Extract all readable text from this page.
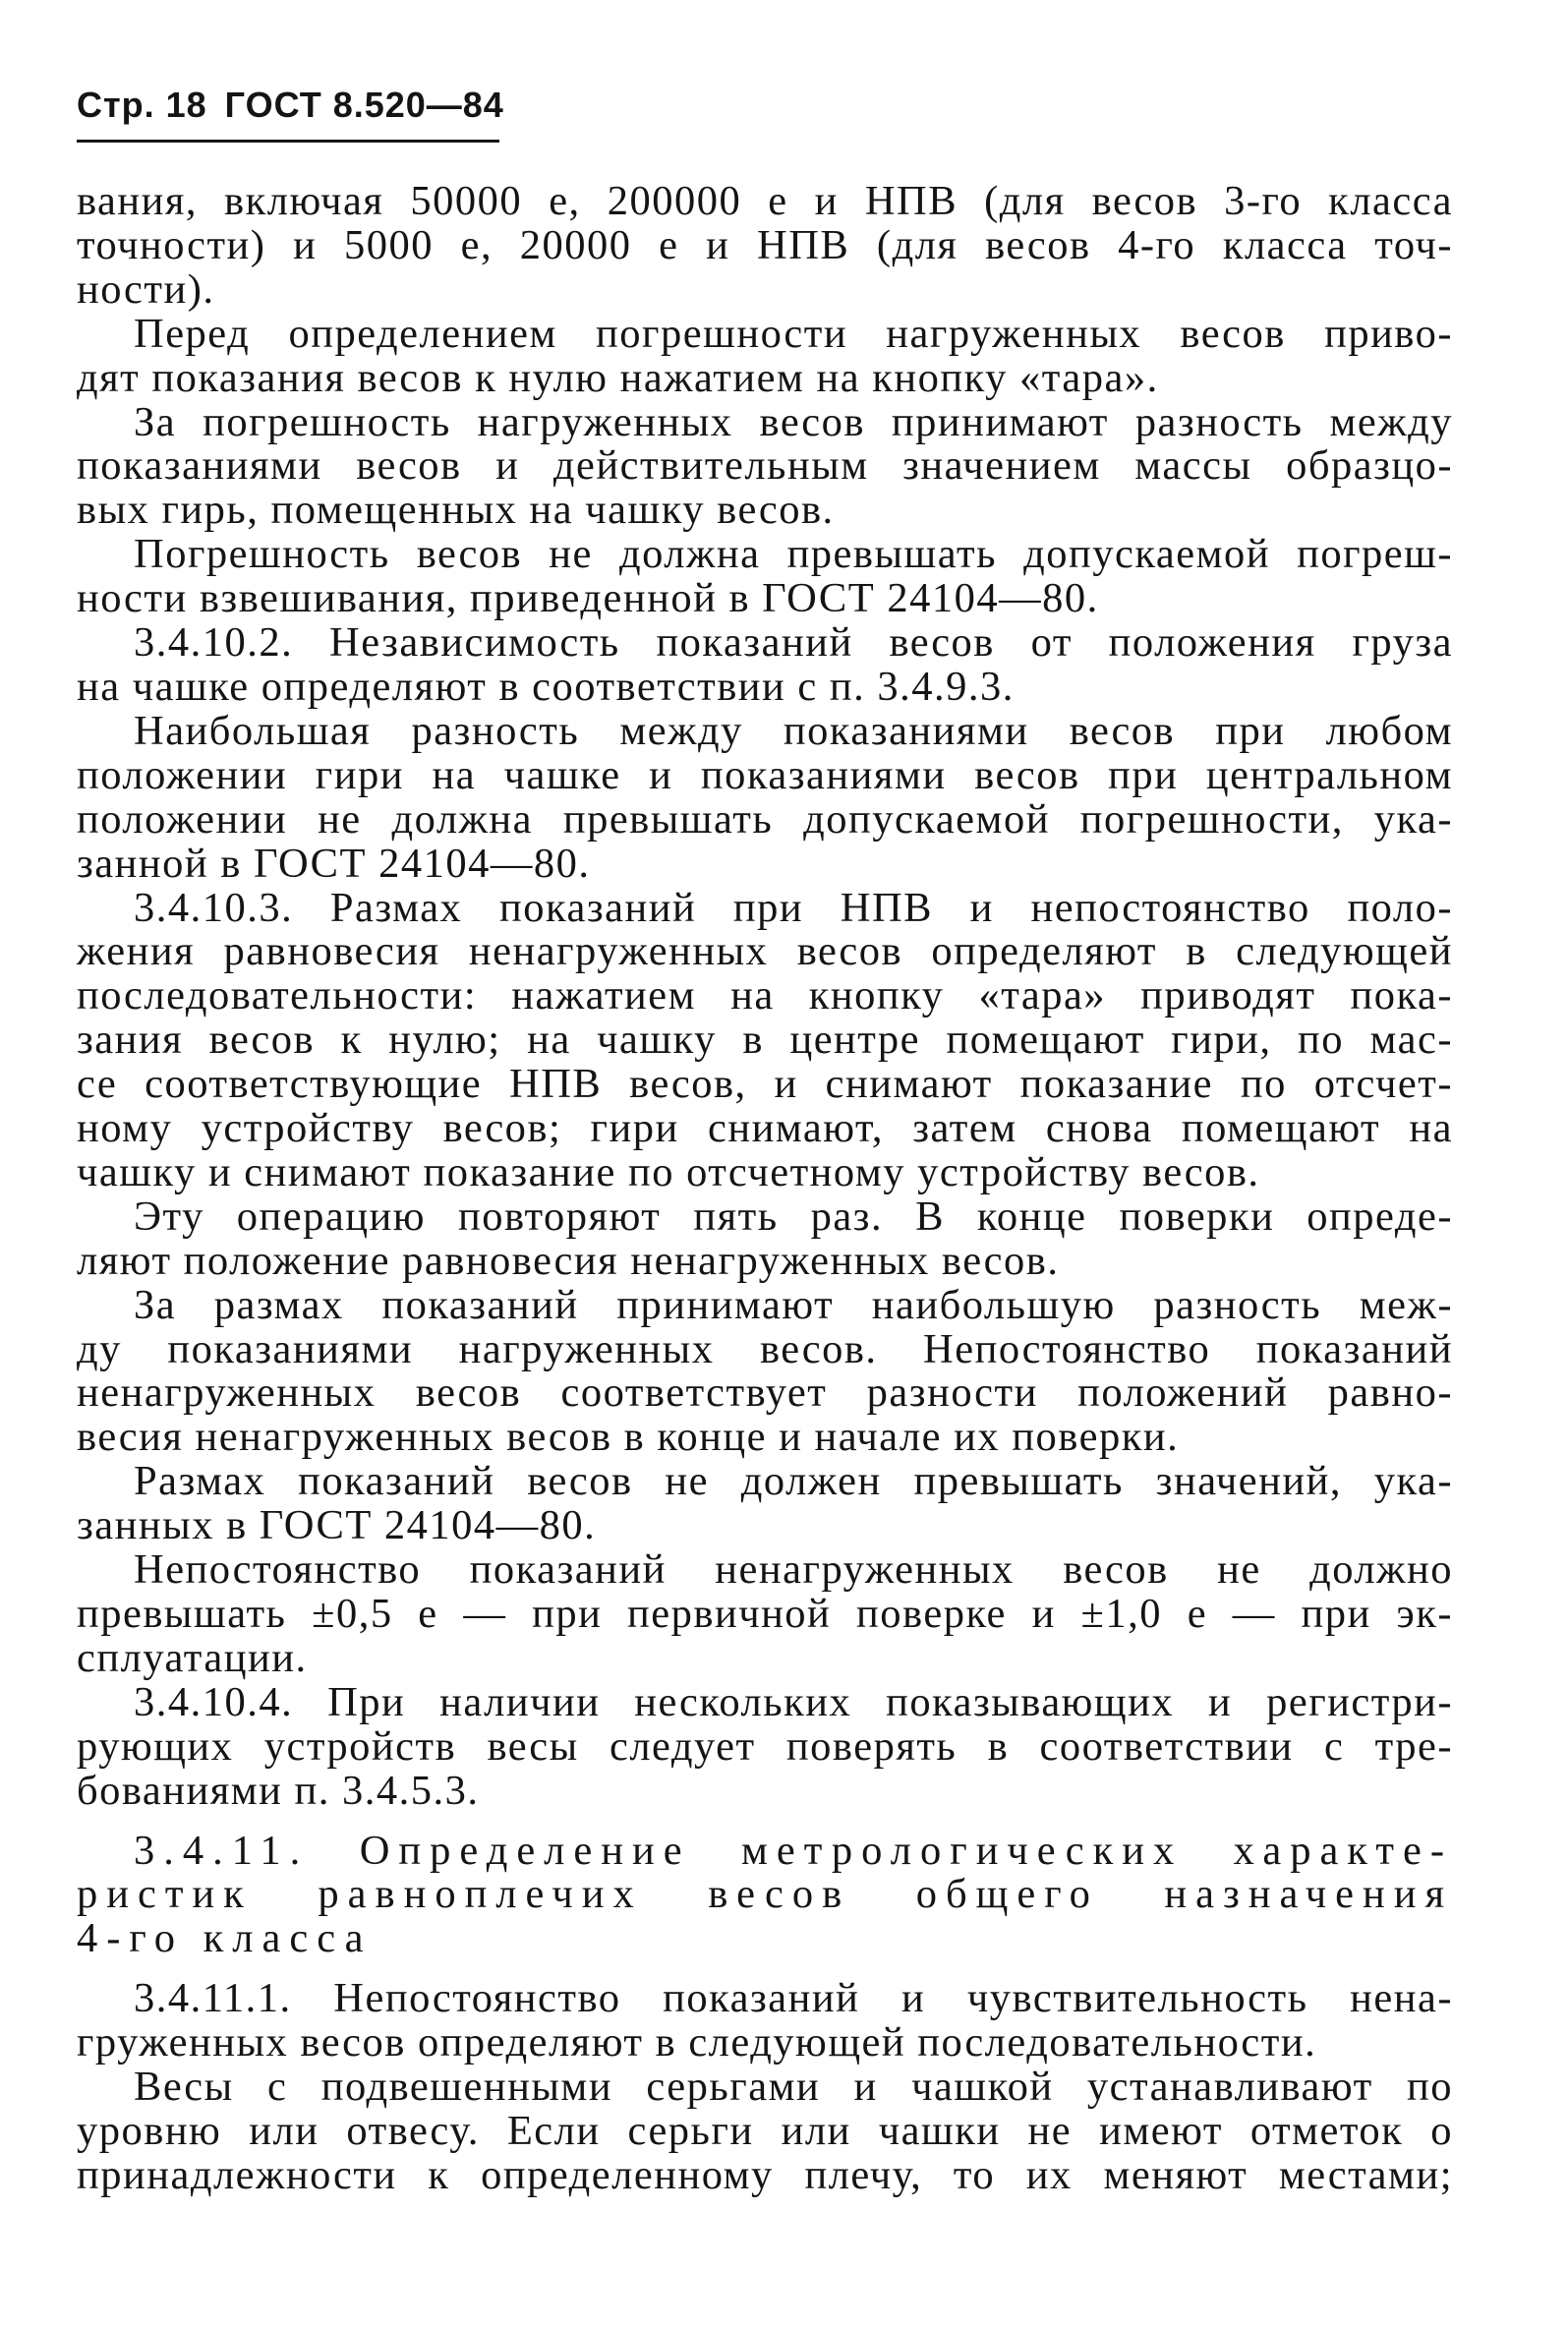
Стр. 18 ГОСТ 8.520—84
вания, включая 50000 е, 200000 е и НПВ (для весов 3-го класса
точности) и 5000 е, 20000 е и НПВ (для весов 4-го класса точ-
ности).
Перед определением погрешности нагруженных весов приво-
дят показания весов к нулю нажатием на кнопку «тара».
За погрешность нагруженных весов принимают разность между
показаниями весов и действительным значением массы образцо-
вых гирь, помещенных на чашку весов.
Погрешность весов не должна превышать допускаемой погреш-
ности взвешивания, приведенной в ГОСТ 24104—80.
3.4.10.2. Независимость показаний весов от положения груза
на чашке определяют в соответствии с п. 3.4.9.3.
Наибольшая разность между показаниями весов при любом
положении гири на чашке и показаниями весов при центральном
положении не должна превышать допускаемой погрешности, ука-
занной в ГОСТ 24104—80.
3.4.10.3. Размах показаний при НПВ и непостоянство поло-
жения равновесия ненагруженных весов определяют в следующей
последовательности: нажатием на кнопку «тара» приводят пока-
зания весов к нулю; на чашку в центре помещают гири, по мас-
се соответствующие НПВ весов, и снимают показание по отсчет-
ному устройству весов; гири снимают, затем снова помещают на
чашку и снимают показание по отсчетному устройству весов.
Эту операцию повторяют пять раз. В конце поверки опреде-
ляют положение равновесия ненагруженных весов.
За размах показаний принимают наибольшую разность меж-
ду показаниями нагруженных весов. Непостоянство показаний
ненагруженных весов соответствует разности положений равно-
весия ненагруженных весов в конце и начале их поверки.
Размах показаний весов не должен превышать значений, ука-
занных в ГОСТ 24104—80.
Непостоянство показаний ненагруженных весов не должно
превышать ±0,5 е — при первичной поверке и ±1,0 е — при эк-
сплуатации.
3.4.10.4. При наличии нескольких показывающих и регистри-
рующих устройств весы следует поверять в соответствии с тре-
бованиями п. 3.4.5.3.
3.4.11. Определение метрологических характе-
ристик равноплечих весов общего назначения
4-го класса
3.4.11.1. Непостоянство показаний и чувствительность нена-
груженных весов определяют в следующей последовательности.
Весы с подвешенными серьгами и чашкой устанавливают по
уровню или отвесу. Если серьги или чашки не имеют отметок о
принадлежности к определенному плечу, то их меняют местами;
